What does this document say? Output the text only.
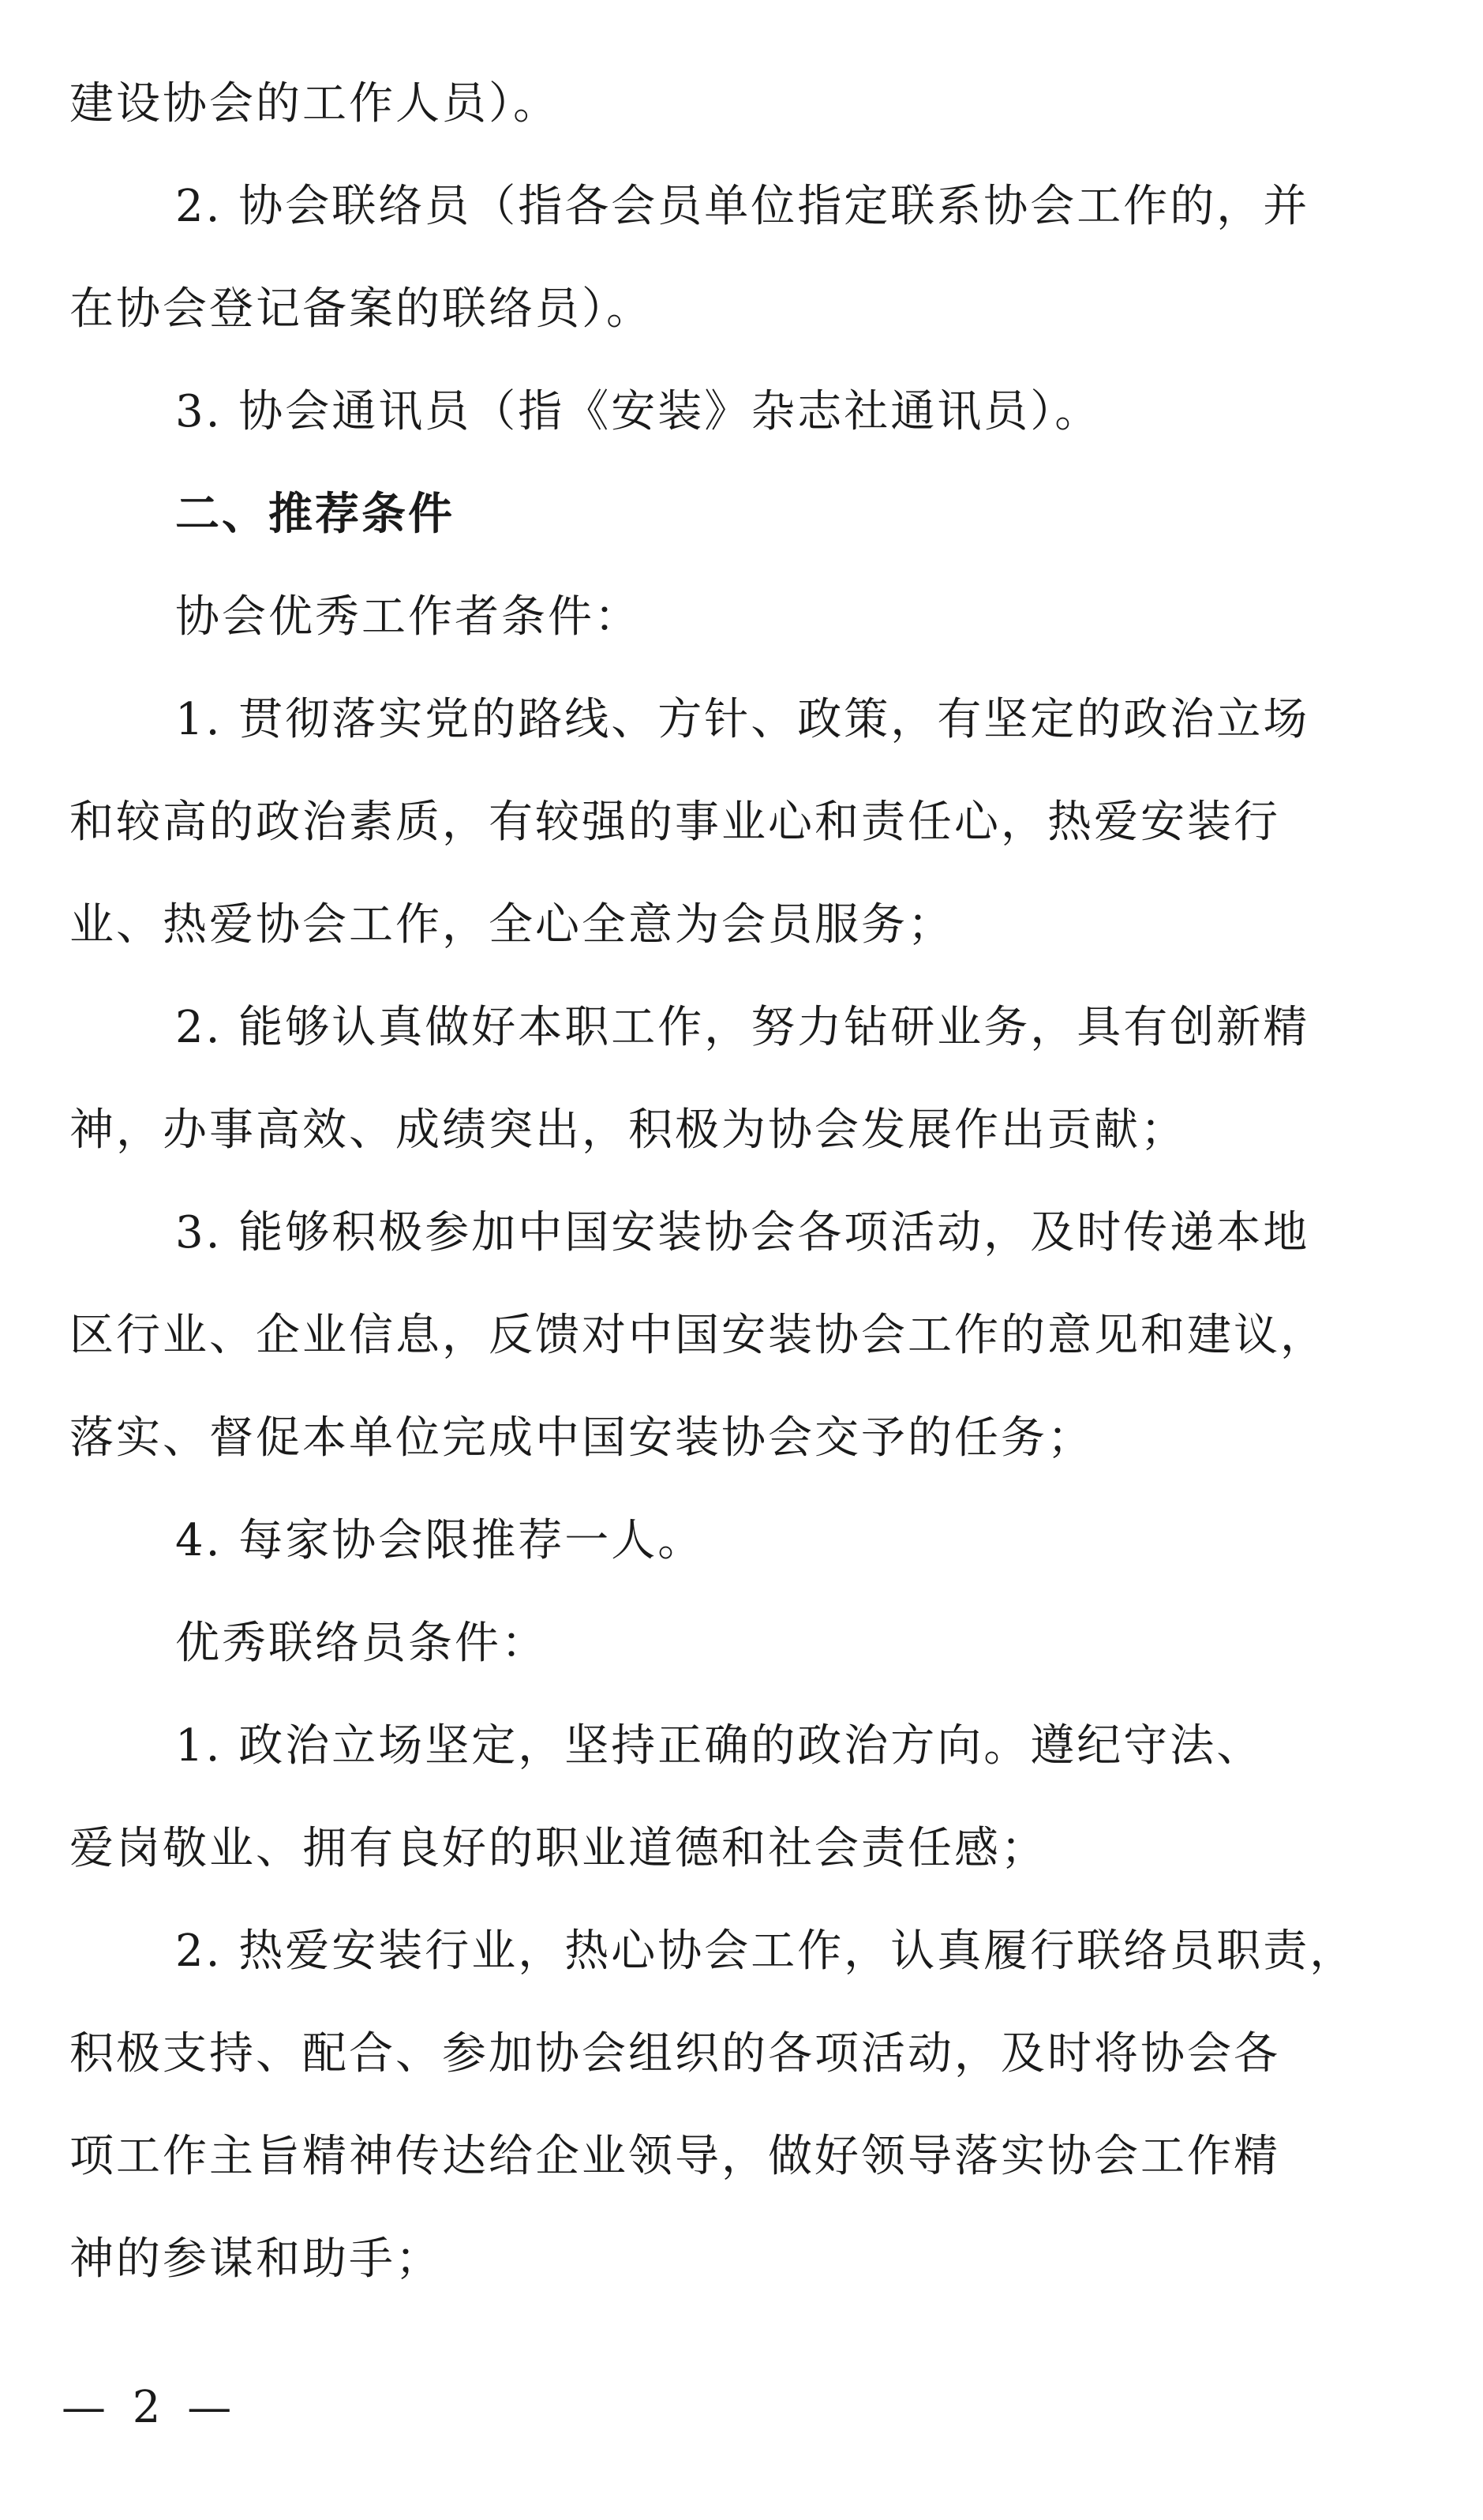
建设协会的工作人员）。
2. 协会联络员（指各会员单位指定联系协会工作的，并
在协会登记备案的联络员）。
3. 协会通讯员（指《安装》杂志社通讯员）。
二、推荐条件
协会优秀工作者条件：
1. 贯彻落实党的路线、方针、政策，有坚定的政治立场
和较高的政治素质，有较强的事业心和责任心，热爱安装行
业、热爱协会工作，全心全意为会员服务；
2. 能够认真做好本职工作，努力钻研业务，具有创新精
神，办事高效、成绩突出，积极为协会发展作出贡献；
3. 能够积极参加中国安装协会各项活动，及时传递本地
区行业、企业信息，反馈对中国安装协会工作的意见和建议，
落实、督促本单位完成中国安装协会交予的任务；
4. 每家协会限推荐一人。
优秀联络员条件：
1. 政治立场坚定，坚持正确的政治方向。遵纪守法、
爱岗敬业、拥有良好的职业道德和社会责任感；
2. 热爱安装行业，热心协会工作，认真履行联络员职责，
积极支持、配合、参加协会组织的各项活动，及时将协会各
项工作主旨精神传达给企业领导，做好领导落实协会工作精
神的参谋和助手；
— 2 —
